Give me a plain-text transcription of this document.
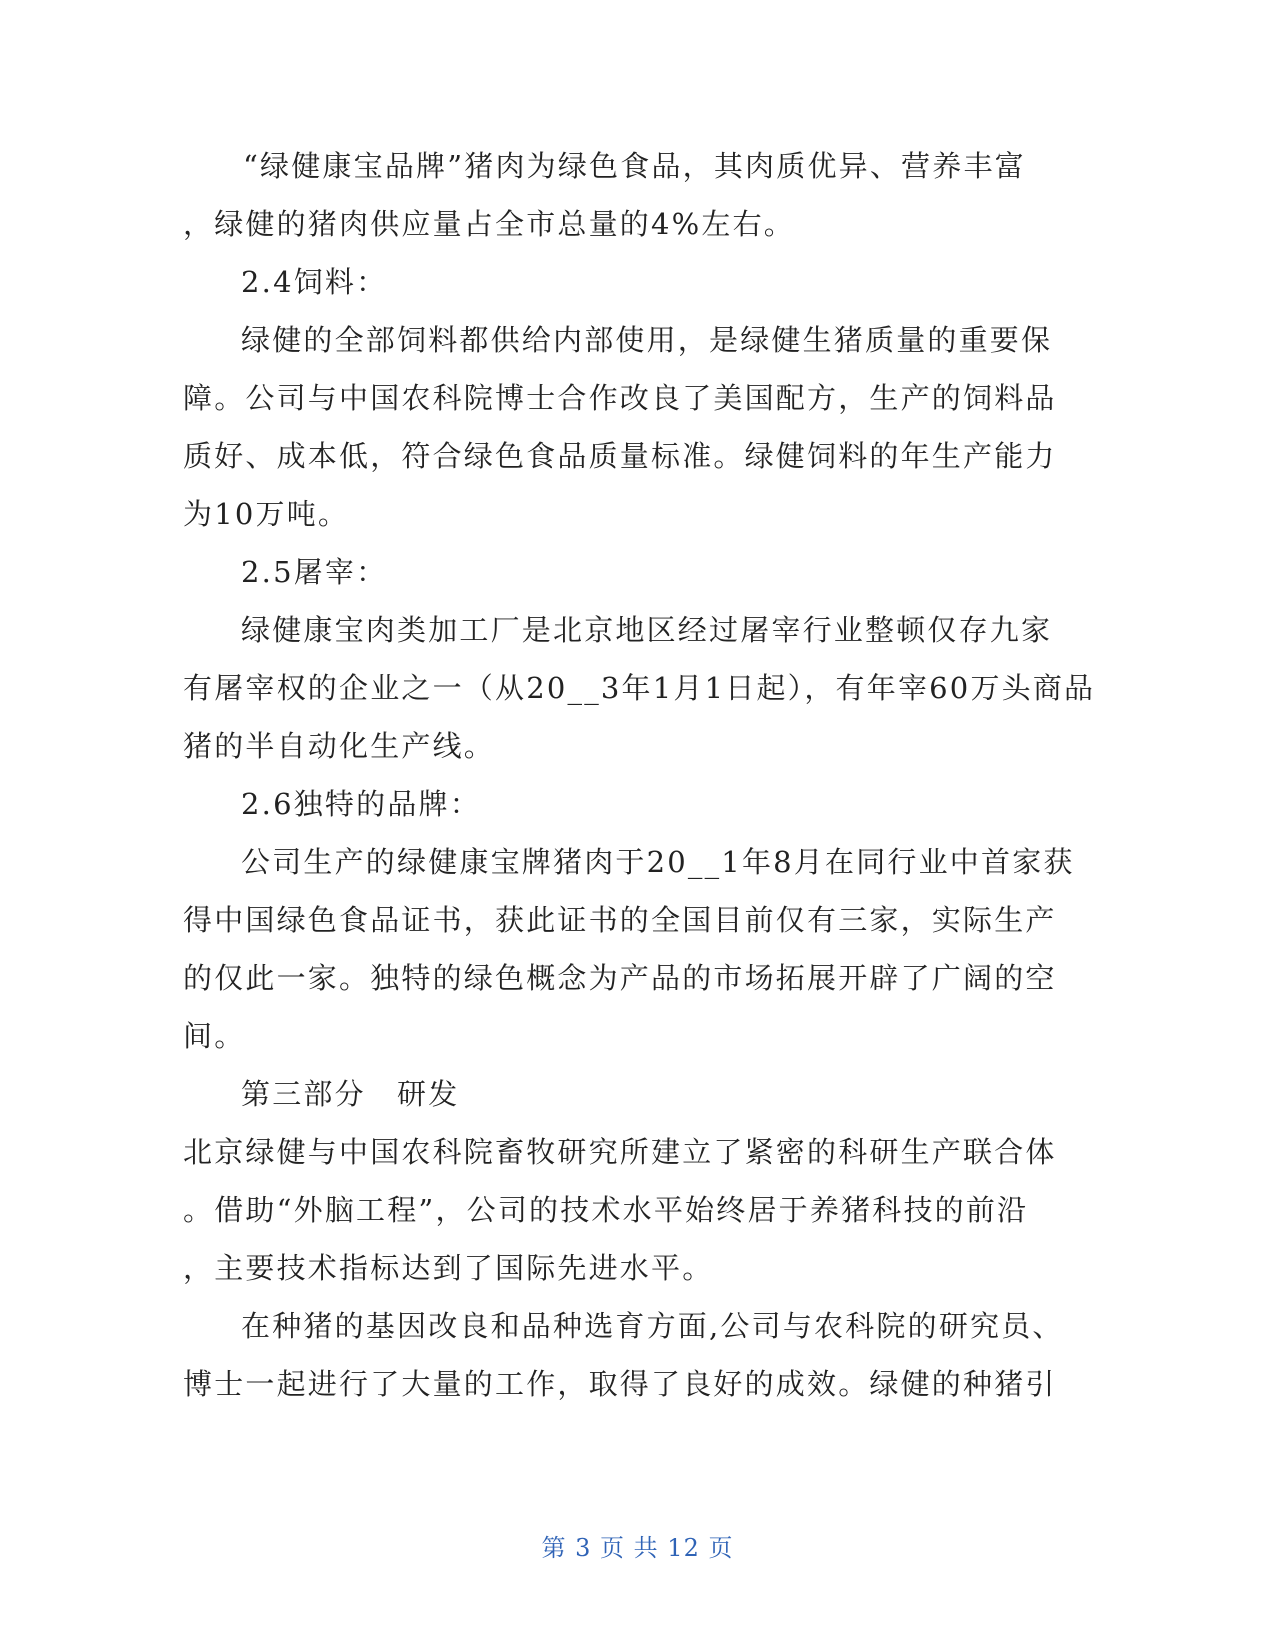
“绿健康宝品牌”猪肉为绿色食品，其肉质优异、营养丰富
，绿健的猪肉供应量占全市总量的4%左右。
2.4饲料：
绿健的全部饲料都供给内部使用，是绿健生猪质量的重要保
障。公司与中国农科院博士合作改良了美国配方，生产的饲料品
质好、成本低，符合绿色食品质量标准。绿健饲料的年生产能力
为10万吨。
2.5屠宰：
绿健康宝肉类加工厂是北京地区经过屠宰行业整顿仅存九家
有屠宰权的企业之一（从20__3年1月1日起），有年宰60万头商品
猪的半自动化生产线。
2.6独特的品牌：
公司生产的绿健康宝牌猪肉于20__1年8月在同行业中首家获
得中国绿色食品证书，获此证书的全国目前仅有三家，实际生产
的仅此一家。独特的绿色概念为产品的市场拓展开辟了广阔的空
间。
第三部分　研发
北京绿健与中国农科院畜牧研究所建立了紧密的科研生产联合体
。借助“外脑工程”，公司的技术水平始终居于养猪科技的前沿
，主要技术指标达到了国际先进水平。
在种猪的基因改良和品种选育方面,公司与农科院的研究员、
博士一起进行了大量的工作，取得了良好的成效。绿健的种猪引
第 3 页 共 12 页
